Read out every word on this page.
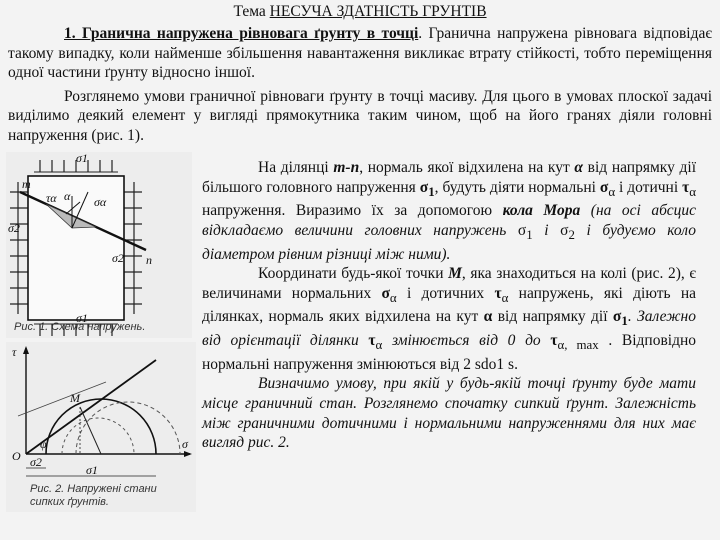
Тема НЕСУЧА ЗДАТНІСТЬ ГРУНТІВ

1. Гранична напружена рівновага ґрунту в точці. Гранична напружена рівновага відповідає такому випадку, коли найменше збільшення навантаження викликає втрату стійкості, тобто переміщення одної частини ґрунту відносно іншої.

Розглянемо умови граничної рівноваги ґрунту в точці масиву. Для цього в умовах плоскої задачі виділимо деякий елемент у вигляді прямокутника таким чином, щоб на його гранях діяли головні напруження (рис. 1).

m
n
σ1
σ1
σ2
σ2
α
τα	σα
Рис. 1. Схема напружень.
τ
O
σ
σ2
σ1
M
φ
Рис. 2. Напружені стани
сипких ґрунтів.

На ділянці m-n, нормаль якої відхилена на кут α від напрямку дії більшого головного напруження $\sigma_1$, будуть діяти нормальні $\sigma_\alpha$ і дотичні $\tau_\alpha$ напруження. Виразимо їх за допомогою кола Мора (на осі абсцис відкладаємо величини головних напружень $\sigma_1$ і $\sigma_2$ і будуємо коло діаметром рівним різниці між ними).

Координати будь-якої точки M, яка знаходиться на колі (рис. 2), є величинами нормальних $\sigma_\alpha$ і дотичних $\tau_\alpha$ напружень, які діють на ділянках, нормаль яких відхилена на кут α від напрямку дії $\sigma_1$. Залежно від орієнтації ділянки $\tau_\alpha$ змінюється від 0 до $\tau_{\alpha, max}$ . Відповідно нормальні напруження змінюються від 2 ѕdо1 ѕ.

Визначимо умову, при якій у будь-якій точці ґрунту буде мати місце граничний стан. Розглянемо спочатку сипкий ґрунт. Залежність між граничними дотичними і нормальними напруженнями для них має вигляд рис. 2.
